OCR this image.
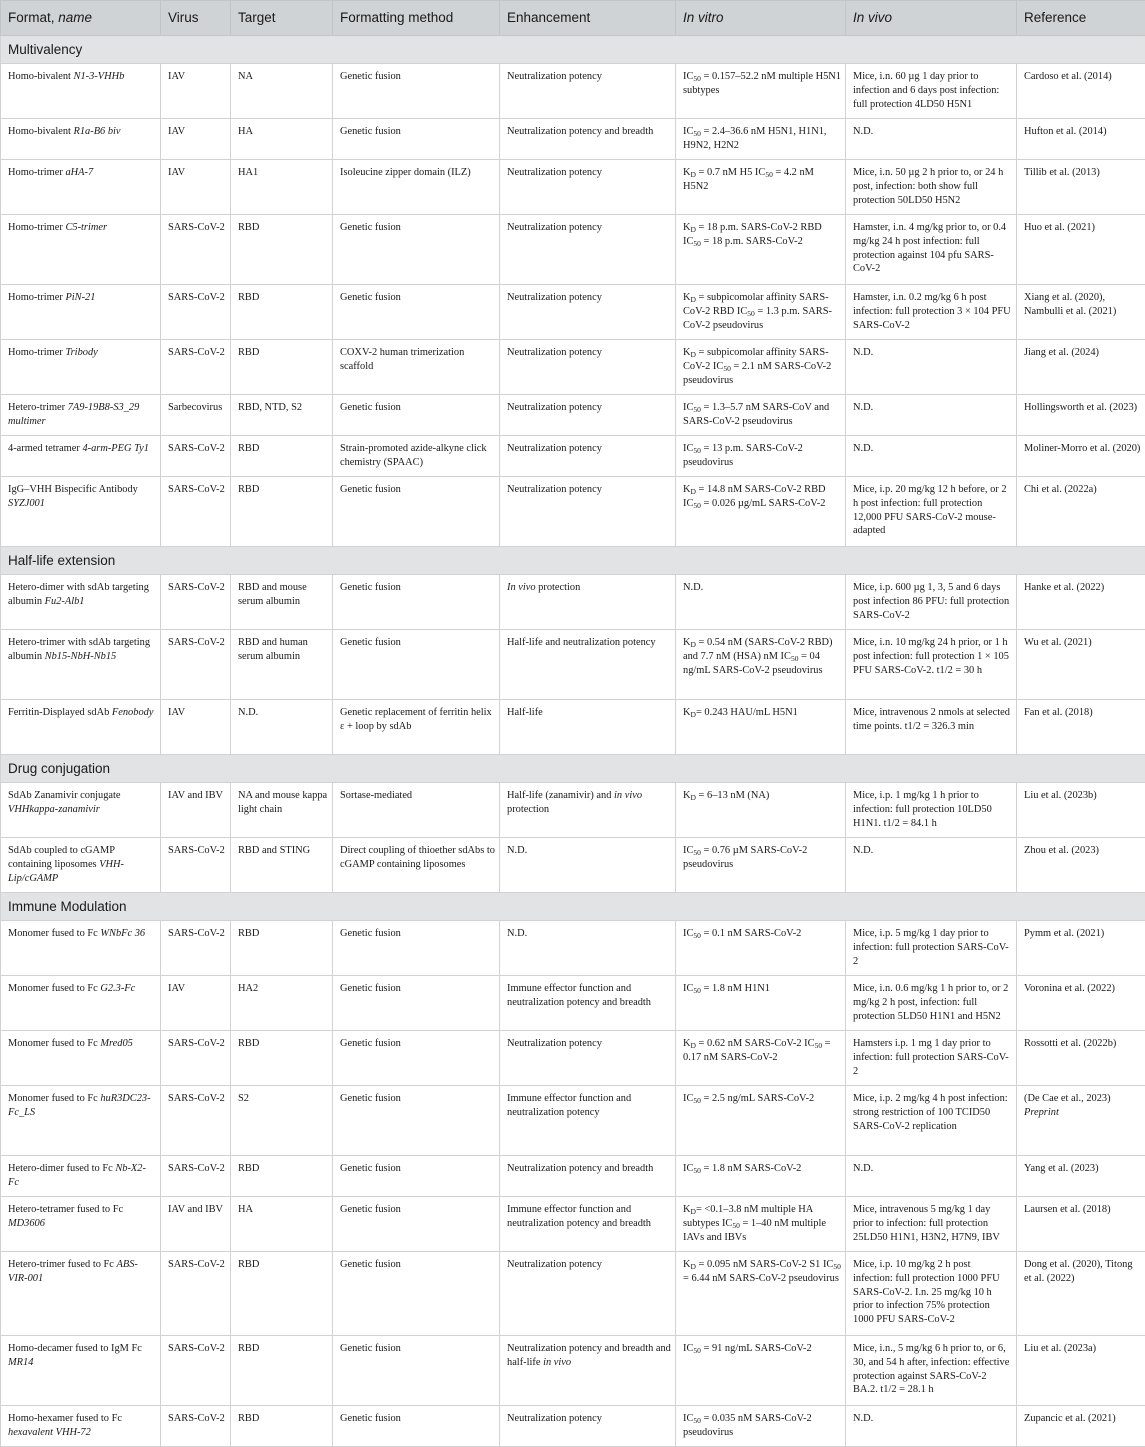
Format, name	Virus	Target	Formatting method	Enhancement	In vitro	In vivo	Reference
Multivalency							
Homo-bivalent N1-3-VHHb	IAV	NA	Genetic fusion	Neutralization potency	$IC_{50} = 0.157-52.2$ nM multiple H5N1 subtypes	Mice, i.n. 60 µg 1 day prior to infection and 6 days post infection: full protection 4LD50 H5N1	Cardoso et al. (2014)
Homo-bivalent R1a-B6 biv	IAV	HA	Genetic fusion	Neutralization potency and breadth	$IC_{50} = 2.4-36.6$ nM H5N1, H1N1, H9N2, H2N2	N.D.	Hufton et al. (2014)
Homo-trimer aHA-7	IAV	HA1	Isoleucine zipper domain (ILZ)	Neutralization potency	$K_D = 0.7$ nM H5 $IC_{50} = 4.2$ nM H5N2	Mice, i.n. 50 µg 2 h prior to, or 24 h post, infection: both show full protection 50LD50 H5N2	Tillib et al. (2013)
Homo-trimer C5-trimer	SARS-CoV-2	RBD	Genetic fusion	Neutralization potency	$K_D = 18$ p.m. SARS-CoV-2 RBD $IC_{50} = 18$ p.m. SARS-CoV-2	Hamster, i.n. 4 mg/kg prior to, or 0.4 mg/kg 24 h post infection: full protection against 104 pfu SARS-CoV-2	Huo et al. (2021)
Homo-trimer PiN-21	SARS-CoV-2	RBD	Genetic fusion	Neutralization potency	$K_D$ = subpicomolar affinity SARS-CoV-2 RBD $IC_{50} = 1.3$ p.m. SARS-CoV-2 pseudovirus	Hamster, i.n. 0.2 mg/kg 6 h post infection: full protection 3 × 104 PFU SARS-CoV-2	Xiang et al. (2020), Nambulli et al. (2021)
Homo-trimer Tribody	SARS-CoV-2	RBD	COXV-2 human trimerization scaffold	Neutralization potency	$K_D$ = subpicomolar affinity SARS-CoV-2 $IC_{50} = 2.1$ nM SARS-CoV-2 pseudovirus	N.D.	Jiang et al. (2024)
Hetero-trimer 7A9-19B8-S3_29 multimer	Sarbecovirus	RBD, NTD, S2	Genetic fusion	Neutralization potency	$IC_{50} = 1.3-5.7$ nM SARS-CoV and SARS-CoV-2 pseudovirus	N.D.	Hollingsworth et al. (2023)
4-armed tetramer 4-arm-PEG Ty1	SARS-CoV-2	RBD	Strain-promoted azide-alkyne click chemistry (SPAAC)	Neutralization potency	$IC_{50} = 13$ p.m. SARS-CoV-2 pseudovirus	N.D.	Moliner-Morro et al. (2020)
IgG–VHH Bispecific Antibody SYZJ001	SARS-CoV-2	RBD	Genetic fusion	Neutralization potency	$K_D = 14.8$ nM SARS-CoV-2 RBD $IC_{50} = 0.026$ µg/mL SARS-CoV-2	Mice, i.p. 20 mg/kg 12 h before, or 2 h post infection: full protection 12,000 PFU SARS-CoV-2 mouse-adapted	Chi et al. (2022a)
Half-life extension							
Hetero-dimer with sdAb targeting albumin Fu2-Alb1	SARS-CoV-2	RBD and mouse serum albumin	Genetic fusion	In vivo protection	N.D.	Mice, i.p. 600 µg 1, 3, 5 and 6 days post infection 86 PFU: full protection SARS-CoV-2	Hanke et al. (2022)
Hetero-trimer with sdAb targeting albumin Nb15-NbH-Nb15	SARS-CoV-2	RBD and human serum albumin	Genetic fusion	Half-life and neutralization potency	$K_D = 0.54$ nM (SARS-CoV-2 RBD) and 7.7 nM (HSA) nM $IC_{50} = 04$ ng/mL SARS-CoV-2 pseudovirus	Mice, i.n. 10 mg/kg 24 h prior, or 1 h post infection: full protection 1 × 105 PFU SARS-CoV-2. t1/2 = 30 h	Wu et al. (2021)
Ferritin-Displayed sdAb Fenobody	IAV	N.D.	Genetic replacement of ferritin helix ε + loop by sdAb	Half-life	$K_D= 0.243$ HAU/mL H5N1	Mice, intravenous 2 nmols at selected time points. t1/2 = 326.3 min	Fan et al. (2018)
Drug conjugation							
SdAb Zanamivir conjugate VHHkappa-zanamivir	IAV and IBV	NA and mouse kappa light chain	Sortase-mediated	Half-life (zanamivir) and in vivo protection	$K_D = 6-13$ nM (NA)	Mice, i.p. 1 mg/kg 1 h prior to infection: full protection 10LD50 H1N1. t1/2 = 84.1 h	Liu et al. (2023b)
SdAb coupled to cGAMP containing liposomes VHH-Lip/cGAMP	SARS-CoV-2	RBD and STING	Direct coupling of thioether sdAbs to cGAMP containing liposomes	N.D.	$IC_{50} = 0.76$ µM SARS-CoV-2 pseudovirus	N.D.	Zhou et al. (2023)
Immune Modulation							
Monomer fused to Fc WNbFc 36	SARS-CoV-2	RBD	Genetic fusion	N.D.	$IC_{50} = 0.1$ nM SARS-CoV-2	Mice, i.p. 5 mg/kg 1 day prior to infection: full protection SARS-CoV-2	Pymm et al. (2021)
Monomer fused to Fc G2.3-Fc	IAV	HA2	Genetic fusion	Immune effector function and neutralization potency and breadth	$IC_{50} = 1.8$ nM H1N1	Mice, i.n. 0.6 mg/kg 1 h prior to, or 2 mg/kg 2 h post, infection: full protection 5LD50 H1N1 and H5N2	Voronina et al. (2022)
Monomer fused to Fc Mred05	SARS-CoV-2	RBD	Genetic fusion	Neutralization potency	$K_D = 0.62$ nM SARS-CoV-2 $IC_{50} = 0.17$ nM SARS-CoV-2	Hamsters i.p. 1 mg 1 day prior to infection: full protection SARS-CoV-2	Rossotti et al. (2022b)
Monomer fused to Fc huR3DC23-Fc_LS	SARS-CoV-2	S2	Genetic fusion	Immune effector function and neutralization potency	$IC_{50} = 2.5$ ng/mL SARS-CoV-2	Mice, i.p. 2 mg/kg 4 h post infection: strong restriction of 100 TCID50 SARS-CoV-2 replication	(De Cae et al., 2023) Preprint
Hetero-dimer fused to Fc Nb-X2-Fc	SARS-CoV-2	RBD	Genetic fusion	Neutralization potency and breadth	$IC_{50} = 1.8$ nM SARS-CoV-2	N.D.	Yang et al. (2023)
Hetero-tetramer fused to Fc MD3606	IAV and IBV	HA	Genetic fusion	Immune effector function and neutralization potency and breadth	$K_D= <0.1-3.8$ nM multiple HA subtypes $IC_{50} = 1-40$ nM multiple IAVs and IBVs	Mice, intravenous 5 mg/kg 1 day prior to infection: full protection 25LD50 H1N1, H3N2, H7N9, IBV	Laursen et al. (2018)
Hetero-trimer fused to Fc ABS-VIR-001	SARS-CoV-2	RBD	Genetic fusion	Neutralization potency	$K_D = 0.095$ nM SARS-CoV-2 S1 $IC_{50} = 6.44$ nM SARS-CoV-2 pseudovirus	Mice, i.p. 10 mg/kg 2 h post infection: full protection 1000 PFU SARS-CoV-2. I.n. 25 mg/kg 10 h prior to infection 75% protection 1000 PFU SARS-CoV-2	Dong et al. (2020), Titong et al. (2022)
Homo-decamer fused to IgM Fc MR14	SARS-CoV-2	RBD	Genetic fusion	Neutralization potency and breadth and half-life in vivo	$IC_{50} = 91$ ng/mL SARS-CoV-2	Mice, i.n., 5 mg/kg 6 h prior to, or 6, 30, and 54 h after, infection: effective protection against SARS-CoV-2 BA.2. t1/2 = 28.1 h	Liu et al. (2023a)
Homo-hexamer fused to Fc hexavalent VHH-72	SARS-CoV-2	RBD	Genetic fusion	Neutralization potency	$IC_{50} = 0.035$ nM SARS-CoV-2 pseudovirus	N.D.	Zupancic et al. (2021)
